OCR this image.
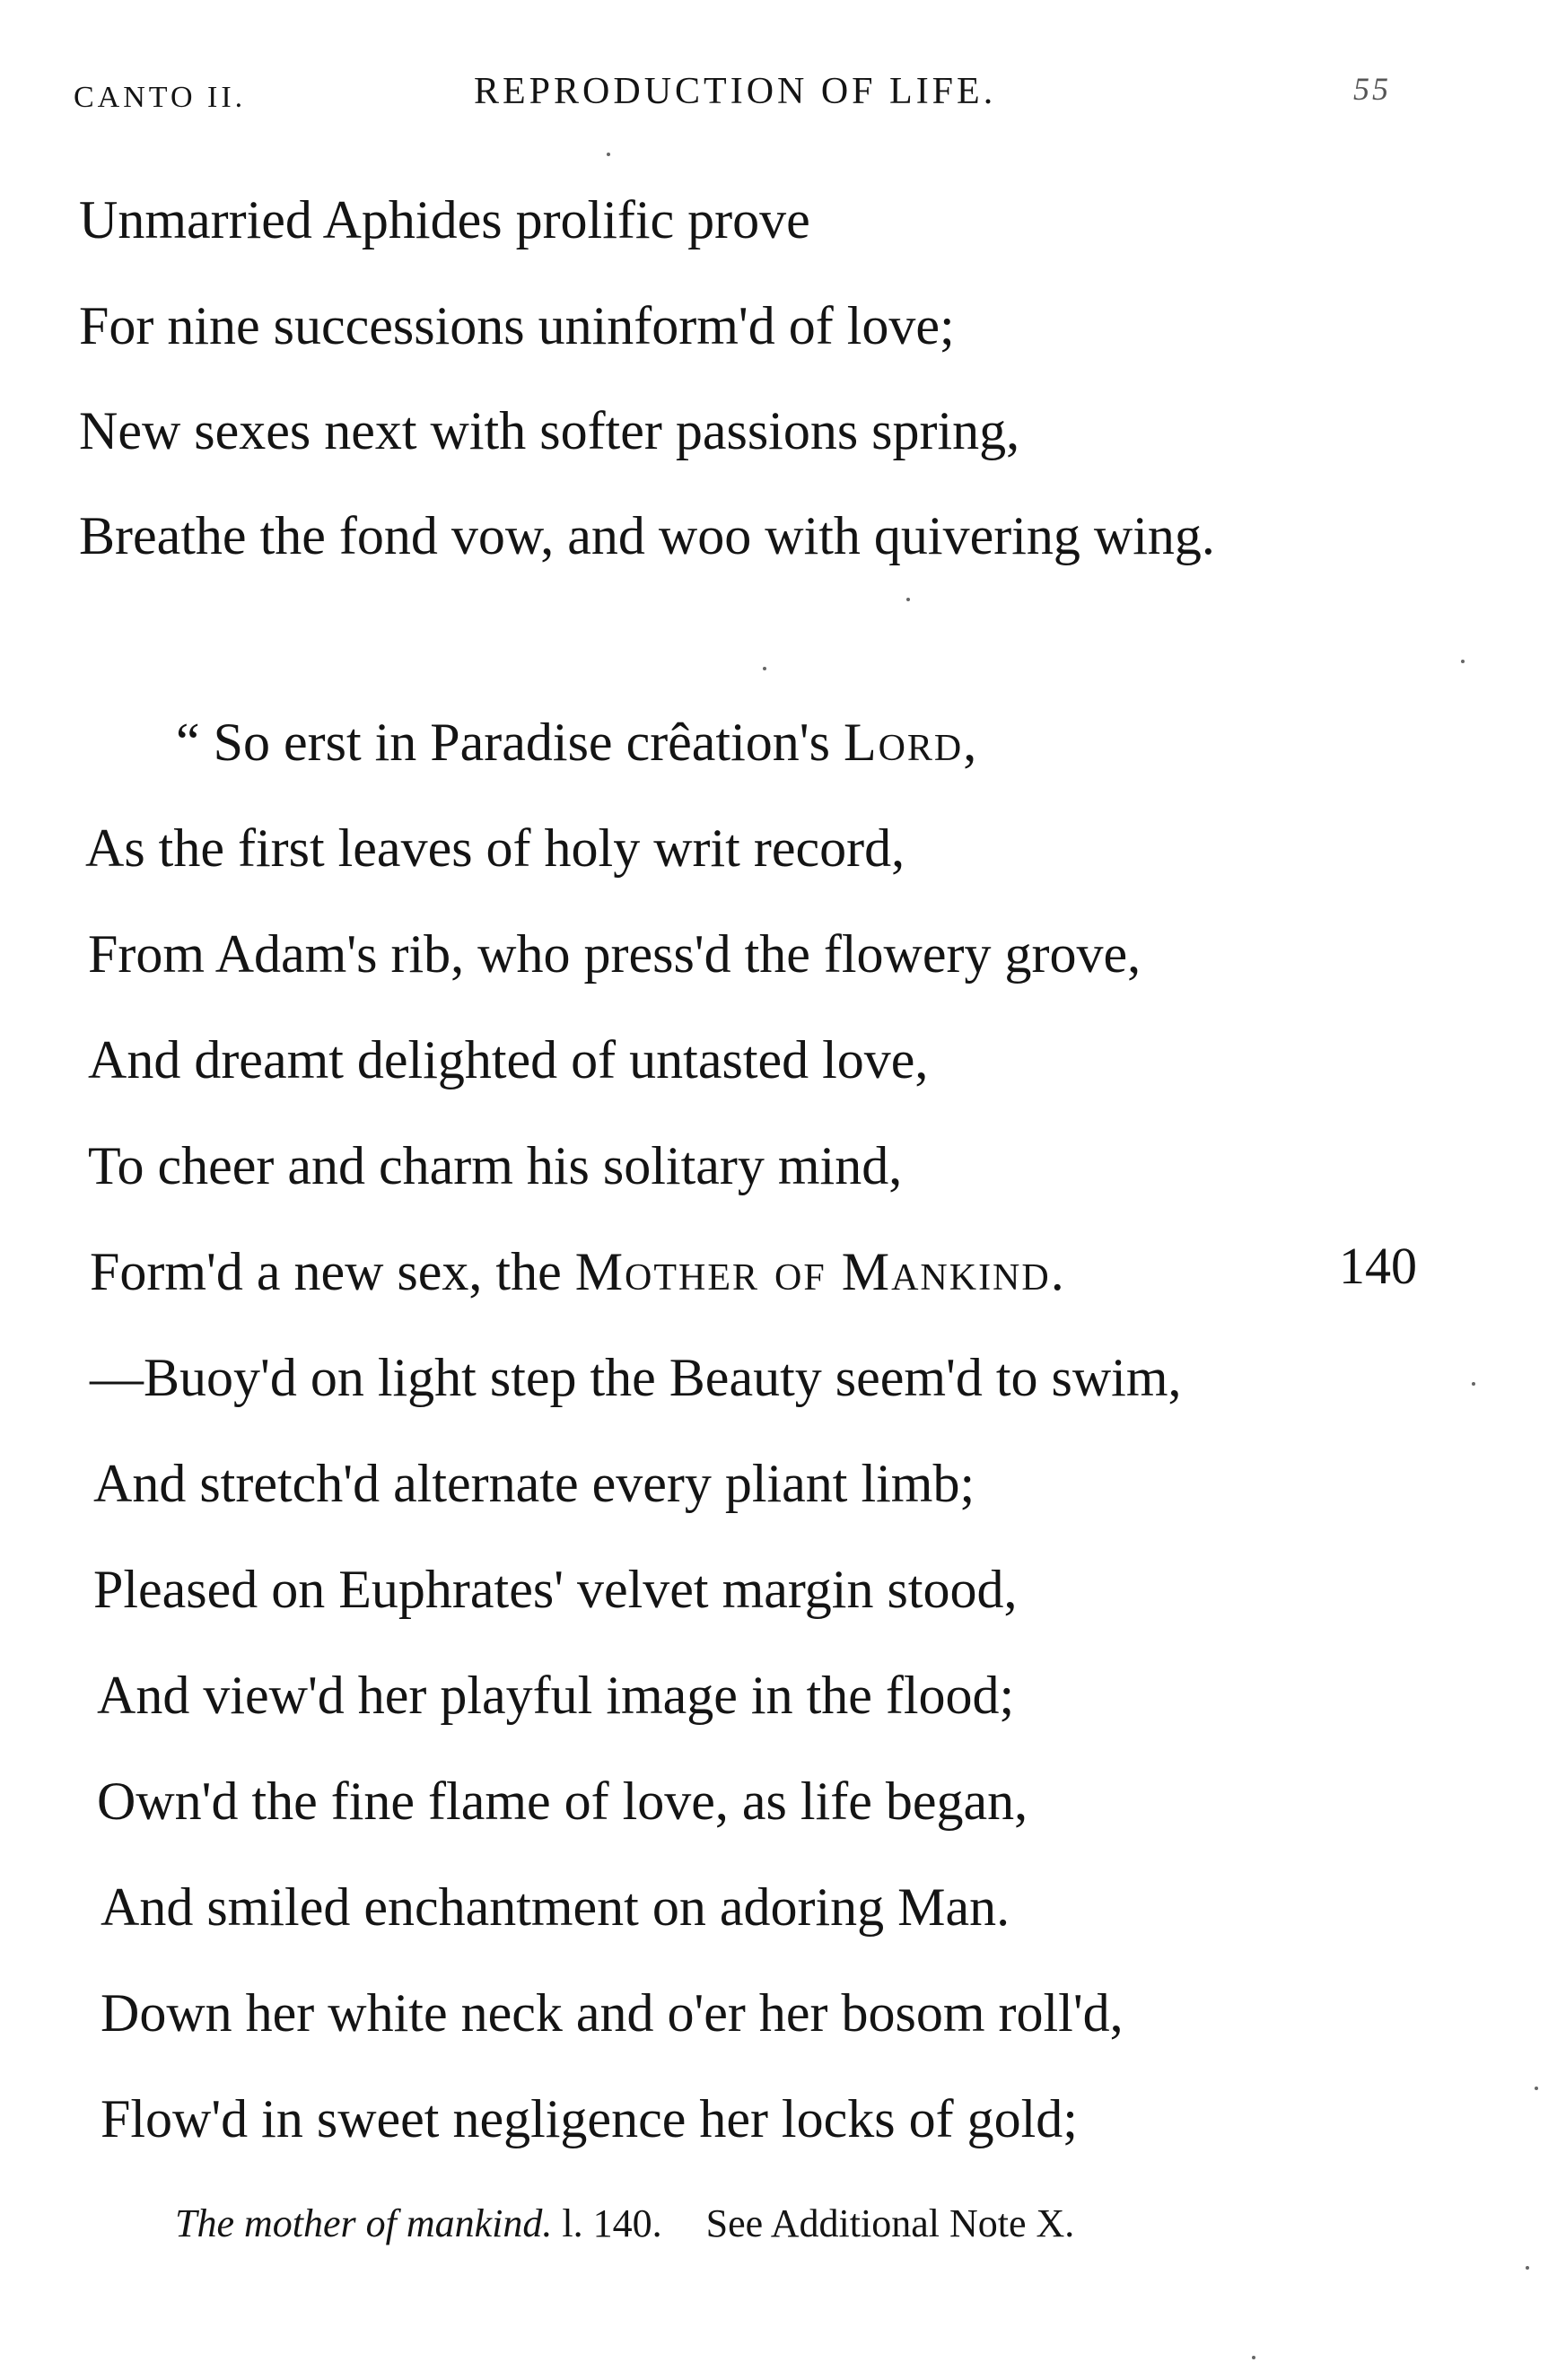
CANTO II.	REPRODUCTION OF LIFE.	55
Unmarried Aphides prolific prove
For nine successions uninform'd of love;
New sexes next with softer passions spring,
Breathe the fond vow, and woo with quivering wing.
“ So erst in Paradise crêation's Lord,
As the first leaves of holy writ record,
From Adam's rib, who press'd the flowery grove,
And dreamt delighted of untasted love,
To cheer and charm his solitary mind,
Form'd a new sex, the Mother of Mankind.	140
—Buoy'd on light step the Beauty seem'd to swim,
And stretch'd alternate every pliant limb;
Pleased on Euphrates' velvet margin stood,
And view'd her playful image in the flood;
Own'd the fine flame of love, as life began,
And smiled enchantment on adoring Man.
Down her white neck and o'er her bosom roll'd,
Flow'd in sweet negligence her locks of gold;
The mother of mankind. l. 140. See Additional Note X.
